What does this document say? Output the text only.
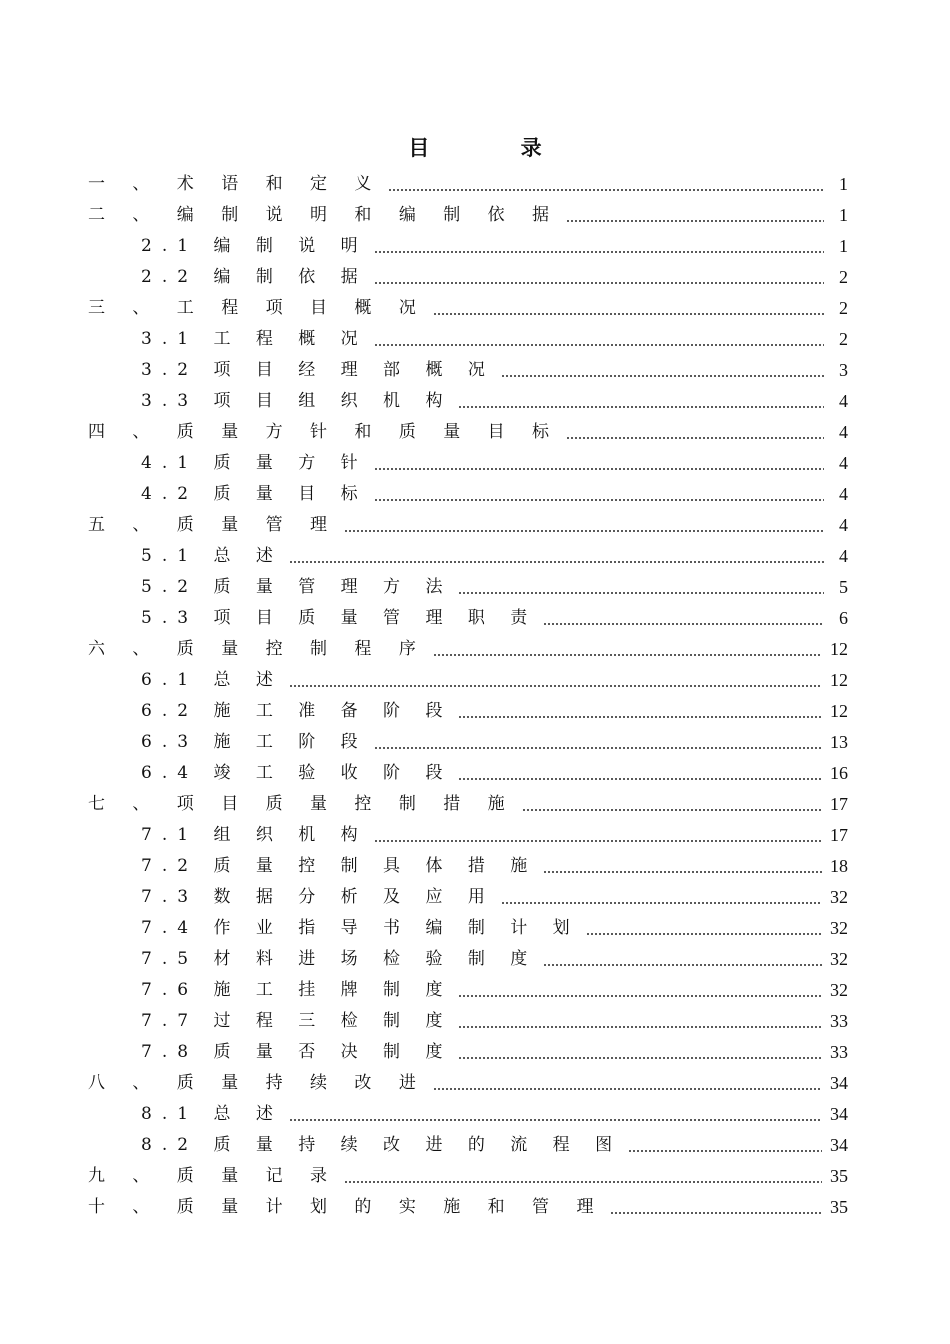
目 录
一 、 术 语 和 定 义	1
二 、 编 制 说 明 和 编 制 依 据	1
2.1 编 制 说 明	1
2.2 编 制 依 据	2
三 、 工 程 项 目 概 况	2
3.1 工 程 概 况	2
3.2 项 目 经 理 部 概 况	3
3.3 项 目 组 织 机 构	4
四 、 质 量 方 针 和 质 量 目 标	4
4.1 质 量 方 针	4
4.2 质 量 目 标	4
五 、 质 量 管 理	4
5.1 总 述	4
5.2 质 量 管 理 方 法	5
5.3 项 目 质 量 管 理 职 责	6
六 、 质 量 控 制 程 序	12
6.1 总 述	12
6.2 施 工 准 备 阶 段	12
6.3 施 工 阶 段	13
6.4 竣 工 验 收 阶 段	16
七 、 项 目 质 量 控 制 措 施	17
7.1 组 织 机 构	17
7.2 质 量 控 制 具 体 措 施	18
7.3 数 据 分 析 及 应 用	32
7.4 作 业 指 导 书 编 制 计 划	32
7.5 材 料 进 场 检 验 制 度	32
7.6 施 工 挂 牌 制 度	32
7.7 过 程 三 检 制 度	33
7.8 质 量 否 决 制 度	33
八 、 质 量 持 续 改 进	34
8.1 总 述	34
8.2 质 量 持 续 改 进 的 流 程 图	34
九 、 质 量 记 录	35
十 、 质 量 计 划 的 实 施 和 管 理	35
